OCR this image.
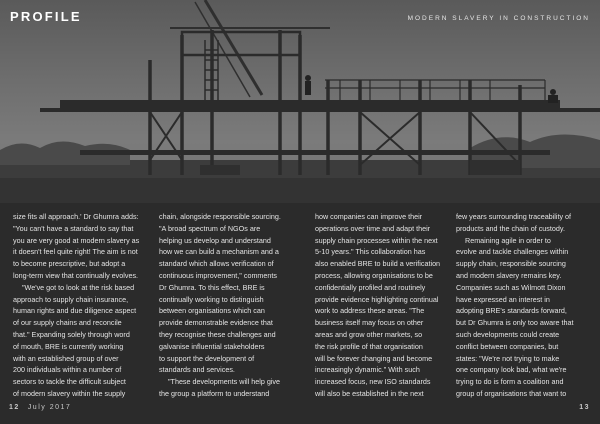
PROFILE	MODERN SLAVERY IN CONSTRUCTION
size fits all approach.' Dr Ghumra adds:
"You can't have a standard to say that
you are very good at modern slavery as
it doesn't feel quite right! The aim is not
to become prescriptive, but adopt a
long-term view that continually evolves.
"We've got to look at the risk based
approach to supply chain insurance,
human rights and due diligence aspect
of our supply chains and reconcile
that." Expanding solely through word
of mouth, BRE is currently working
with an established group of over
200 individuals within a number of
sectors to tackle the difficult subject
of modern slavery within the supply
chain, alongside responsible sourcing.
"A broad spectrum of NGOs are
helping us develop and understand
how we can build a mechanism and a
standard which allows verification of
continuous improvement," comments
Dr Ghumra. To this effect, BRE is
continually working to distinguish
between organisations which can
provide demonstrable evidence that
they recognise these challenges and
galvanise influential stakeholders
to support the development of
standards and services.
"These developments will help give
the group a platform to understand
how companies can improve their
operations over time and adapt their
supply chain processes within the next
5-10 years." This collaboration has
also enabled BRE to build a verification
process, allowing organisations to be
confidentially profiled and routinely
provide evidence highlighting continual
work to address these areas. "The
business itself may focus on other
areas and grow other markets, so
the risk profile of that organisation
will be forever changing and become
increasingly dynamic." With such
increased focus, new ISO standards
will also be established in the next
few years surrounding traceability of
products and the chain of custody.
Remaining agile in order to
evolve and tackle challenges within
supply chain, responsible sourcing
and modern slavery remains key.
Companies such as Wilmott Dixon
have expressed an interest in
adopting BRE's standards forward,
but Dr Ghumra is only too aware that
such developments could create
conflict between companies, but
states: "We're not trying to make
one company look bad, what we're
trying to do is form a coalition and
group of organisations that want to
12 July 2017	13
